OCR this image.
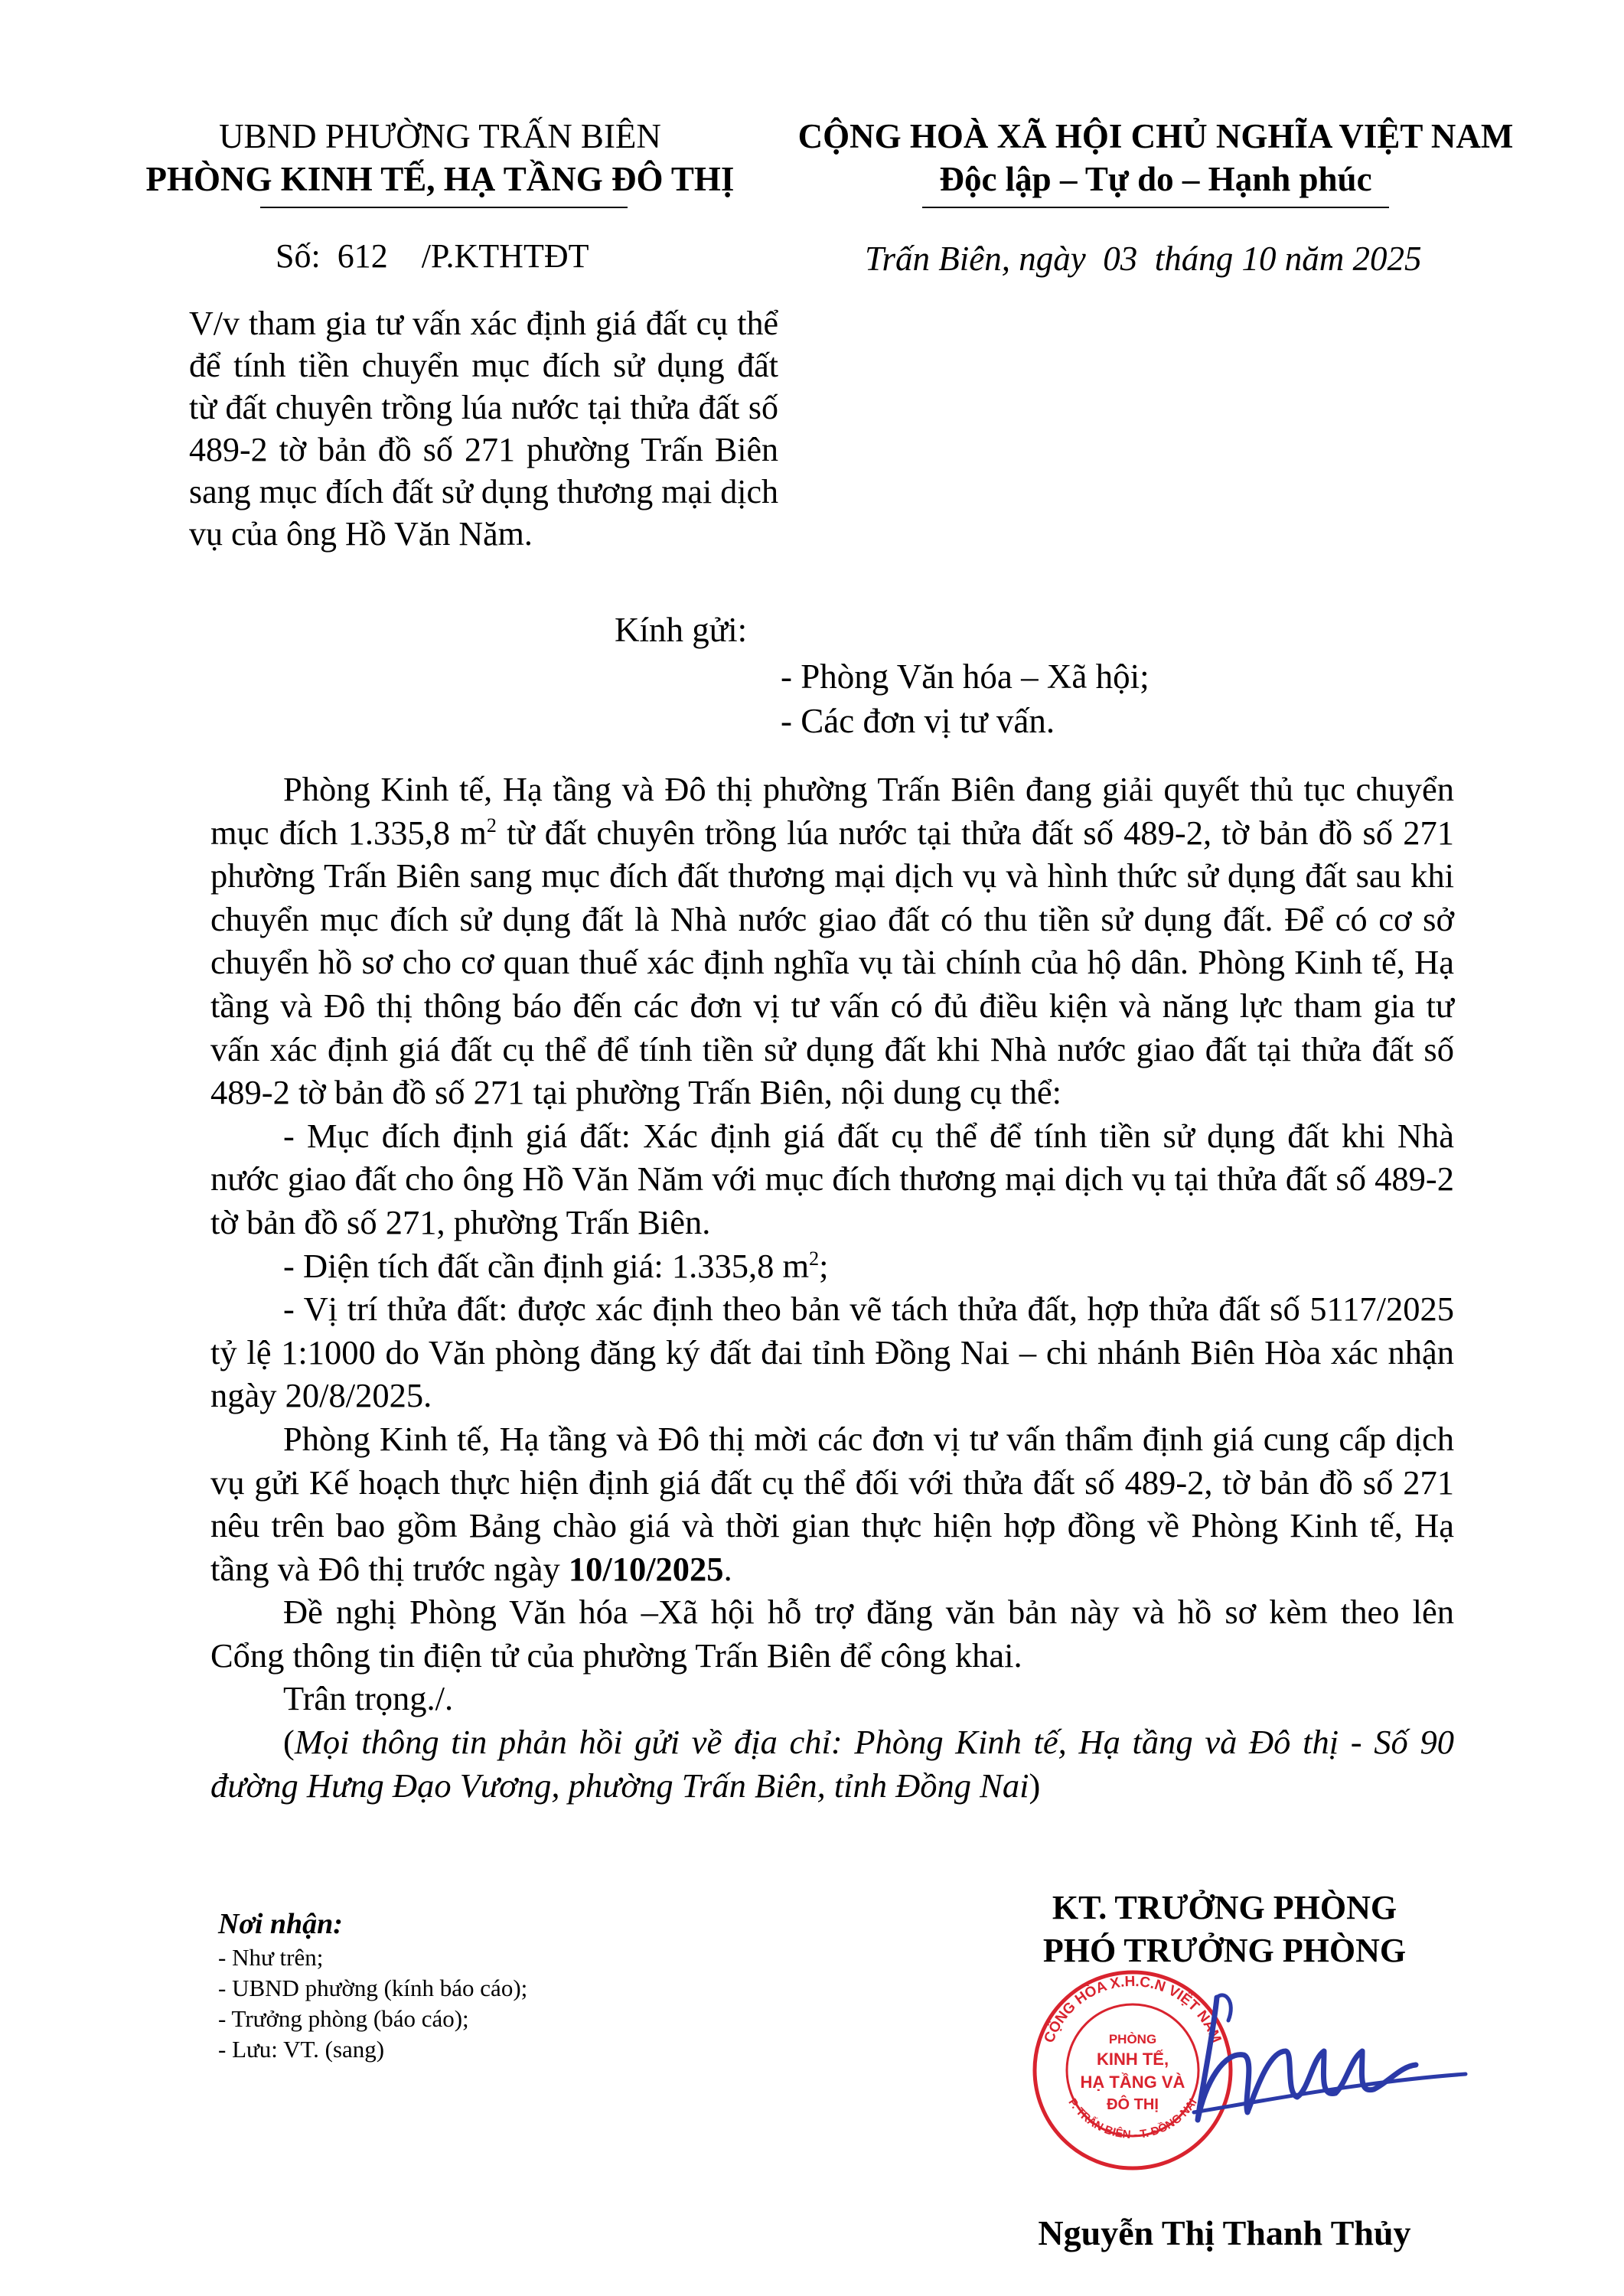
UBND PHƯỜNG TRẤN BIÊN
PHÒNG KINH TẾ, HẠ TẦNG ĐÔ THỊ
CỘNG HOÀ XÃ HỘI CHỦ NGHĨA VIỆT NAM
Độc lập – Tự do – Hạnh phúc
Số:  612    /P.KTHTĐT	Trấn Biên, ngày  03  tháng 10 năm 2025
V/v tham gia tư vấn xác định giá đất cụ thể để tính tiền chuyển mục đích sử dụng đất từ đất chuyên trồng lúa nước tại thửa đất số 489-2 tờ bản đồ số 271 phường Trấn Biên sang mục đích đất sử dụng thương mại dịch vụ của ông Hồ Văn Năm.
Kính gửi:
- Phòng Văn hóa – Xã hội;
- Các đơn vị tư vấn.

Phòng Kinh tế, Hạ tầng và Đô thị phường Trấn Biên đang giải quyết thủ tục chuyển mục đích 1.335,8 $m^2$ từ đất chuyên trồng lúa nước tại thửa đất số 489-2, tờ bản đồ số 271 phường Trấn Biên sang mục đích đất thương mại dịch vụ và hình thức sử dụng đất sau khi chuyển mục đích sử dụng đất là Nhà nước giao đất có thu tiền sử dụng đất. Để có cơ sở chuyển hồ sơ cho cơ quan thuế xác định nghĩa vụ tài chính của hộ dân. Phòng Kinh tế, Hạ tầng và Đô thị thông báo đến các đơn vị tư vấn có đủ điều kiện và năng lực tham gia tư vấn xác định giá đất cụ thể để tính tiền sử dụng đất khi Nhà nước giao đất tại thửa đất số 489-2 tờ bản đồ số 271 tại phường Trấn Biên, nội dung cụ thể:

- Mục đích định giá đất: Xác định giá đất cụ thể để tính tiền sử dụng đất khi Nhà nước giao đất cho ông Hồ Văn Năm với mục đích thương mại dịch vụ tại thửa đất số 489-2 tờ bản đồ số 271, phường Trấn Biên.

- Diện tích đất cần định giá: 1.335,8 $m^2$;

- Vị trí thửa đất: được xác định theo bản vẽ tách thửa đất, hợp thửa đất số 5117/2025 tỷ lệ 1:1000 do Văn phòng đăng ký đất đai tỉnh Đồng Nai – chi nhánh Biên Hòa xác nhận ngày 20/8/2025.

Phòng Kinh tế, Hạ tầng và Đô thị mời các đơn vị tư vấn thẩm định giá cung cấp dịch vụ gửi Kế hoạch thực hiện định giá đất cụ thể đối với thửa đất số 489-2, tờ bản đồ số 271 nêu trên bao gồm Bảng chào giá và thời gian thực hiện hợp đồng về Phòng Kinh tế, Hạ tầng và Đô thị trước ngày 10/10/2025.

Đề nghị Phòng Văn hóa –Xã hội hỗ trợ đăng văn bản này và hồ sơ kèm theo lên Cổng thông tin điện tử của phường Trấn Biên để công khai.

Trân trọng./.

(Mọi thông tin phản hồi gửi về địa chỉ: Phòng Kinh tế, Hạ tầng và Đô thị - Số 90 đường Hưng Đạo Vương, phường Trấn Biên, tỉnh Đồng Nai)

Nơi nhận:
- Như trên;
- UBND phường (kính báo cáo);
- Trưởng phòng (báo cáo);
- Lưu: VT. (sang)
KT. TRƯỞNG PHÒNG
PHÓ TRƯỞNG PHÒNG
CỘNG HÒA X.H.C.N VIỆT NAM
P. TRẤN BIÊN - T. ĐỒNG NAI
PHÒNG
KINH TẾ,
HẠ TẦNG VÀ
ĐÔ THỊ
Nguyễn Thị Thanh Thủy
